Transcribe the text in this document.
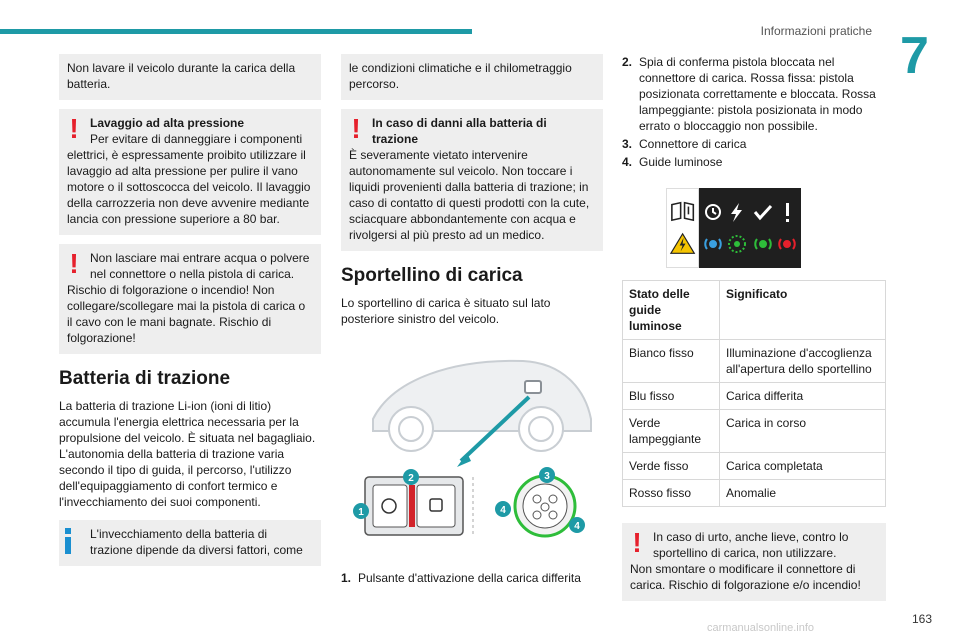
Informazioni pratiche 7
Non lavare il veicolo durante la carica della batteria.
! Lavaggio ad alta pressione
Per evitare di danneggiare i componenti
elettrici, è espressamente proibito utilizzare il lavaggio ad alta pressione per pulire il vano motore o il sottoscocca del veicolo. Il lavaggio della carrozzeria non deve avvenire mediante lancia con pressione superiore a 80 bar.
! Non lasciare mai entrare acqua o polvere nel connettore o nella pistola di carica.
Rischio di folgorazione o incendio! Non collegare/scollegare mai la pistola di carica o il cavo con le mani bagnate. Rischio di folgorazione!
Batteria di trazione

La batteria di trazione Li-ion (ioni di litio) accumula l'energia elettrica necessaria per la propulsione del veicolo. È situata nel bagagliaio. L'autonomia della batteria di trazione varia secondo il tipo di guida, il percorso, l'utilizzo dell'equipaggiamento di confort termico e l'invecchiamento dei suoi componenti.

L'invecchiamento della batteria di trazione dipende da diversi fattori, come
le condizioni climatiche e il chilometraggio percorso.
! In caso di danni alla batteria di trazione
È severamente vietato intervenire autonomamente sul veicolo. Non toccare i liquidi provenienti dalla batteria di trazione; in caso di contatto di questi prodotti con la cute, sciacquare abbondantemente con acqua e rivolgersi al più presto ad un medico.
Sportellino di carica

Lo sportellino di carica è situato sul lato posteriore sinistro del veicolo.

1
2	3
4
4
1. Pulsante d'attivazione della carica differita
2. Spia di conferma pistola bloccata nel connettore di carica. Rossa fissa: pistola posizionata correttamente e bloccata. Rossa lampeggiante: pistola posizionata in modo errato o bloccaggio non possibile.
3. Connettore di carica
4. Guide luminose
Stato delle guide luminose	Significato
Bianco fisso	Illuminazione d'accoglienza all'apertura dello sportellino
Blu fisso	Carica differita
Verde lampeggiante	Carica in corso
Verde fisso	Carica completata
Rosso fisso	Anomalie
! In caso di urto, anche lieve, contro lo sportellino di carica, non utilizzare.
Non smontare o modificare il connettore di carica. Rischio di folgorazione e/o incendio!
163
carmanualsonline.info
